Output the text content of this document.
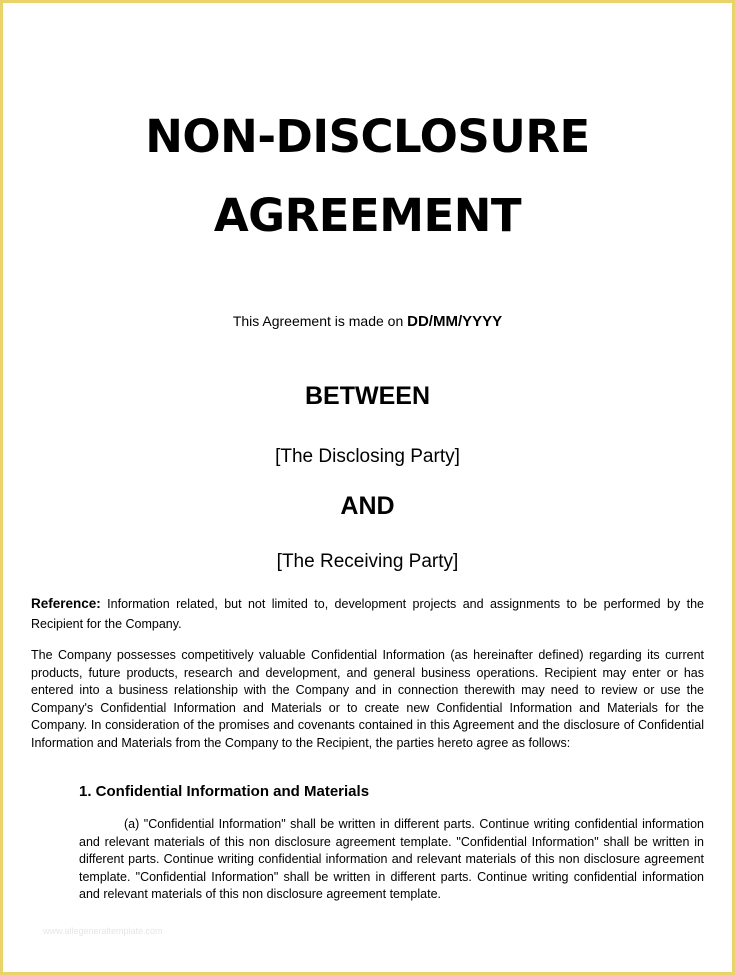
NON-DISCLOSURE
AGREEMENT
This Agreement is made on DD/MM/YYYY
BETWEEN
[The Disclosing Party]
AND
[The Receiving Party]
Reference: Information related, but not limited to, development projects and assignments to be performed by the Recipient for the Company.
The Company possesses competitively valuable Confidential Information (as hereinafter defined) regarding its current products, future products, research and development, and general business operations. Recipient may enter or has entered into a business relationship with the Company and in connection therewith may need to review or use the Company's Confidential Information and Materials or to create new Confidential Information and Materials for the Company. In consideration of the promises and covenants contained in this Agreement and the disclosure of Confidential Information and Materials from the Company to the Recipient, the parties hereto agree as follows:
1. Confidential Information and Materials
(a) "Confidential Information" shall be written in different parts. Continue writing confidential information and relevant materials of this non disclosure agreement template. "Confidential Information" shall be written in different parts. Continue writing confidential information and relevant materials of this non disclosure agreement template. "Confidential Information" shall be written in different parts. Continue writing confidential information and relevant materials of this non disclosure agreement template.
www.allegeneraltemplate.com
